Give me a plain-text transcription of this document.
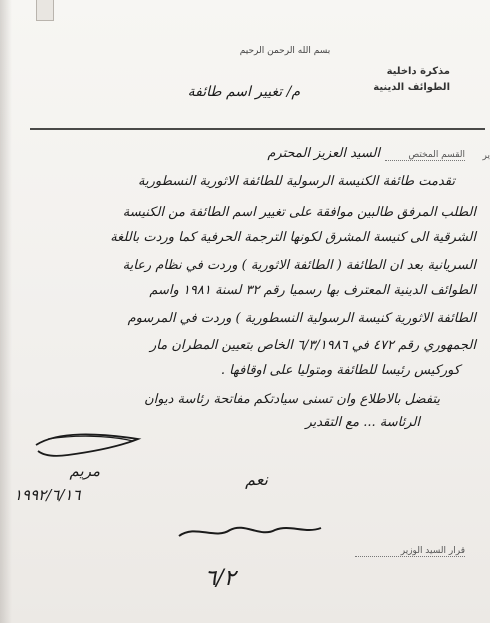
بسم الله الرحمن الرحيم
مذكرة داخلية
الطوائف الدينية
م/ تغيير اسم طائفة
ير
القسم المختص
السيد العزيز المحترم
تقدمت طائفة الكنيسة الرسولية للطائفة الاثورية النسطورية
الطلب المرفق طالبين موافقة على تغيير اسم الطائفة من الكنيسة
الشرقية الى كنيسة المشرق لكونها الترجمة الحرفية كما وردت باللغة
السريانية بعد ان الطائفة ( الطائفة الاثورية ) وردت في نظام رعاية
الطوائف الدينية المعترف بها رسميا رقم ٣٢ لسنة ١٩٨١ واسم
الطائفة الاثورية كنيسة الرسولية النسطورية ) وردت في المرسوم
الجمهوري رقم ٤٧٢ في ٦/٣/١٩٨٦ الخاص بتعيين المطران مار
كوركيس رئيسا للطائفة ومتوليا على اوقافها .
يتفضل بالاطلاع وان تسنى سيادتكم مفاتحة رئاسة ديوان
الرئاسة ... مع التقدير
مريم
١٩٩٢/٦/١٦
نعم
قرار السيد الوزير
٦/٢
